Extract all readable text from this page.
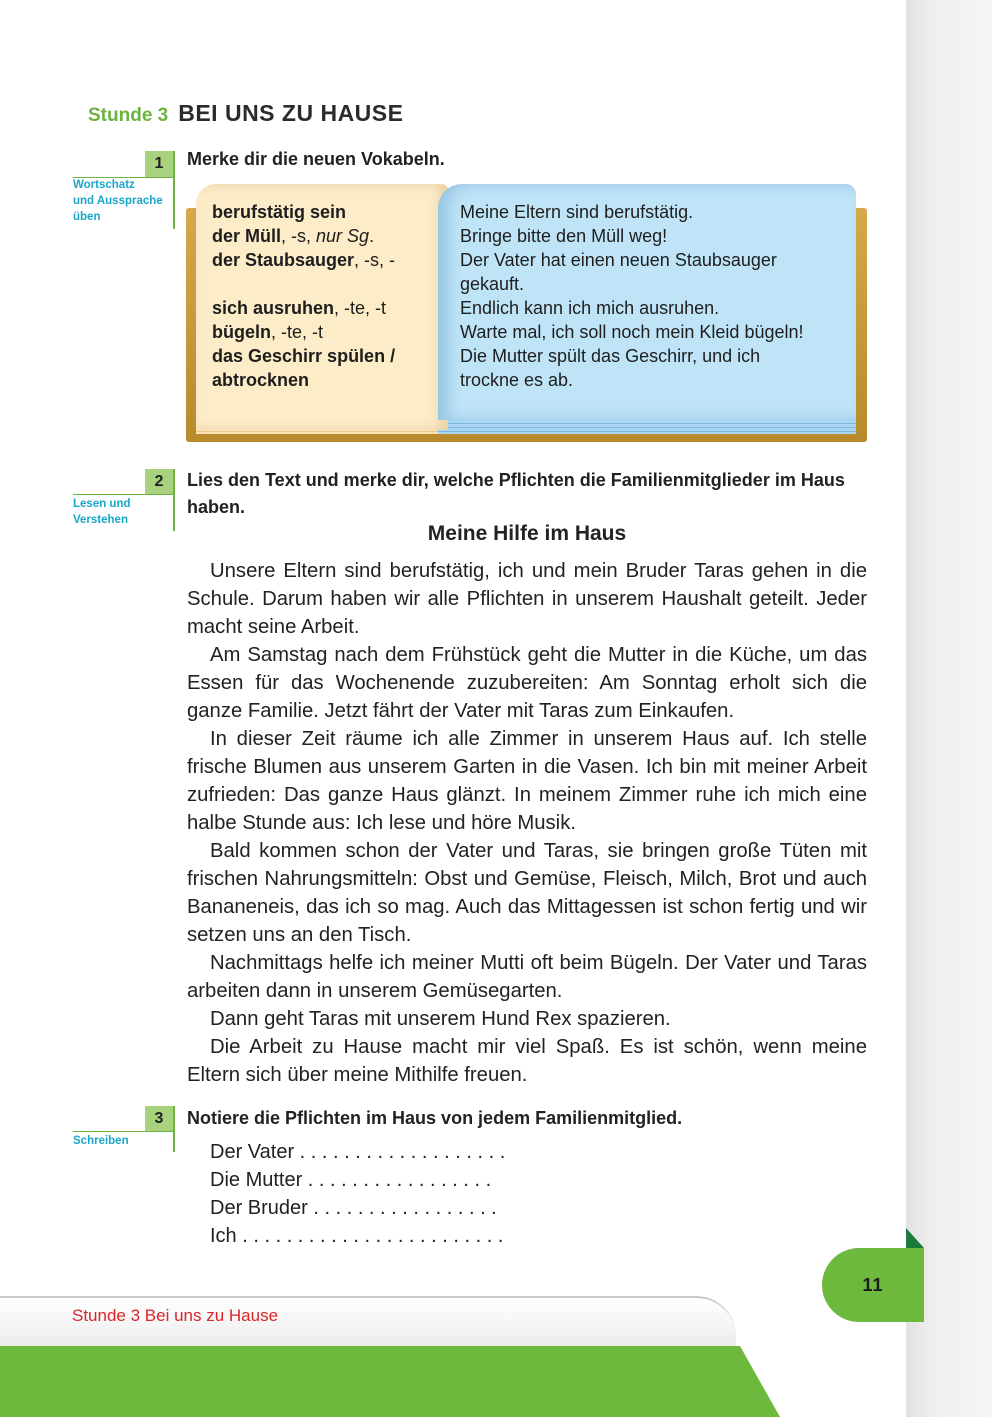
Stunde 3 BEI UNS ZU HAUSE
1
Wortschatz
und Aussprache
üben
Merke dir die neuen Vokabeln.
berufstätig sein
der Müll, -s, nur Sg.
der Staubsauger, -s, -

sich ausruhen, -te, -t
bügeln, -te, -t
das Geschirr spülen /
abtrocknen
Meine Eltern sind berufstätig.
Bringe bitte den Müll weg!
Der Vater hat einen neuen Staubsauger
gekauft.
Endlich kann ich mich ausruhen.
Warte mal, ich soll noch mein Kleid bügeln!
Die Mutter spült das Geschirr, und ich
trockne es ab.
2
Lesen und
Verstehen
Lies den Text und merke dir, welche Pflichten die Familienmitglieder im Haus haben.
Meine Hilfe im Haus

Unsere Eltern sind berufstätig, ich und mein Bruder Taras gehen in die Schule. Darum haben wir alle Pflichten in unserem Haushalt geteilt. Jeder macht seine Arbeit.

Am Samstag nach dem Frühstück geht die Mutter in die Küche, um das Essen für das Wochenende zuzubereiten: Am Sonntag erholt sich die ganze Familie. Jetzt fährt der Vater mit Taras zum Einkaufen.

In dieser Zeit räume ich alle Zimmer in unserem Haus auf. Ich stelle frische Blumen aus unserem Garten in die Vasen. Ich bin mit meiner Arbeit zufrieden: Das ganze Haus glänzt. In meinem Zimmer ruhe ich mich eine halbe Stunde aus: Ich lese und höre Musik.

Bald kommen schon der Vater und Taras, sie bringen große Tüten mit frischen Nahrungsmitteln: Obst und Gemüse, Fleisch, Milch, Brot und auch Bananeneis, das ich so mag. Auch das Mittagessen ist schon fertig und wir setzen uns an den Tisch.

Nachmittags helfe ich meiner Mutti oft beim Bügeln. Der Vater und Taras arbeiten dann in unserem Gemüsegarten.

Dann geht Taras mit unserem Hund Rex spazieren.

Die Arbeit zu Hause macht mir viel Spaß. Es ist schön, wenn meine Eltern sich über meine Mithilfe freuen.

3
Schreiben
Notiere die Pflichten im Haus von jedem Familienmitglied.
Der Vater . . . . . . . . . . . . . . . . . . .
Die Mutter . . . . . . . . . . . . . . . . .
Der Bruder . . . . . . . . . . . . . . . . .
Ich . . . . . . . . . . . . . . . . . . . . . . . .
11
Stunde 3 Bei uns zu Hause
